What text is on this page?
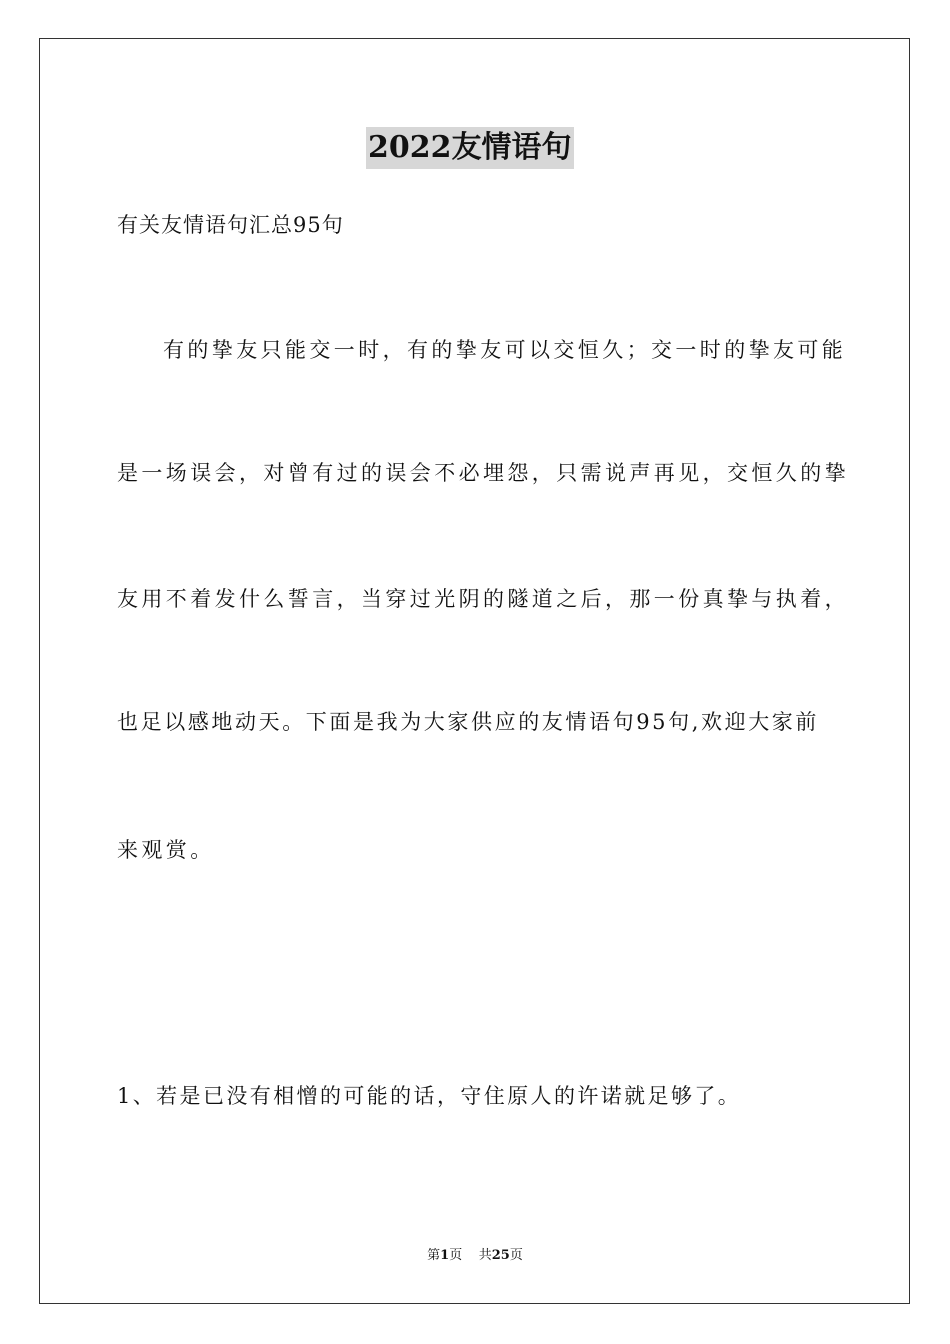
2022友情语句
有关友情语句汇总95句
有的挚友只能交一时，有的挚友可以交恒久；交一时的挚友可能
是一场误会，对曾有过的误会不必埋怨，只需说声再见，交恒久的挚
友用不着发什么誓言，当穿过光阴的隧道之后，那一份真挚与执着，
也足以感地动天。下面是我为大家供应的友情语句95句,欢迎大家前
来观赏。
1、若是已没有相憎的可能的话，守住原人的许诺就足够了。
第1页 共25页
